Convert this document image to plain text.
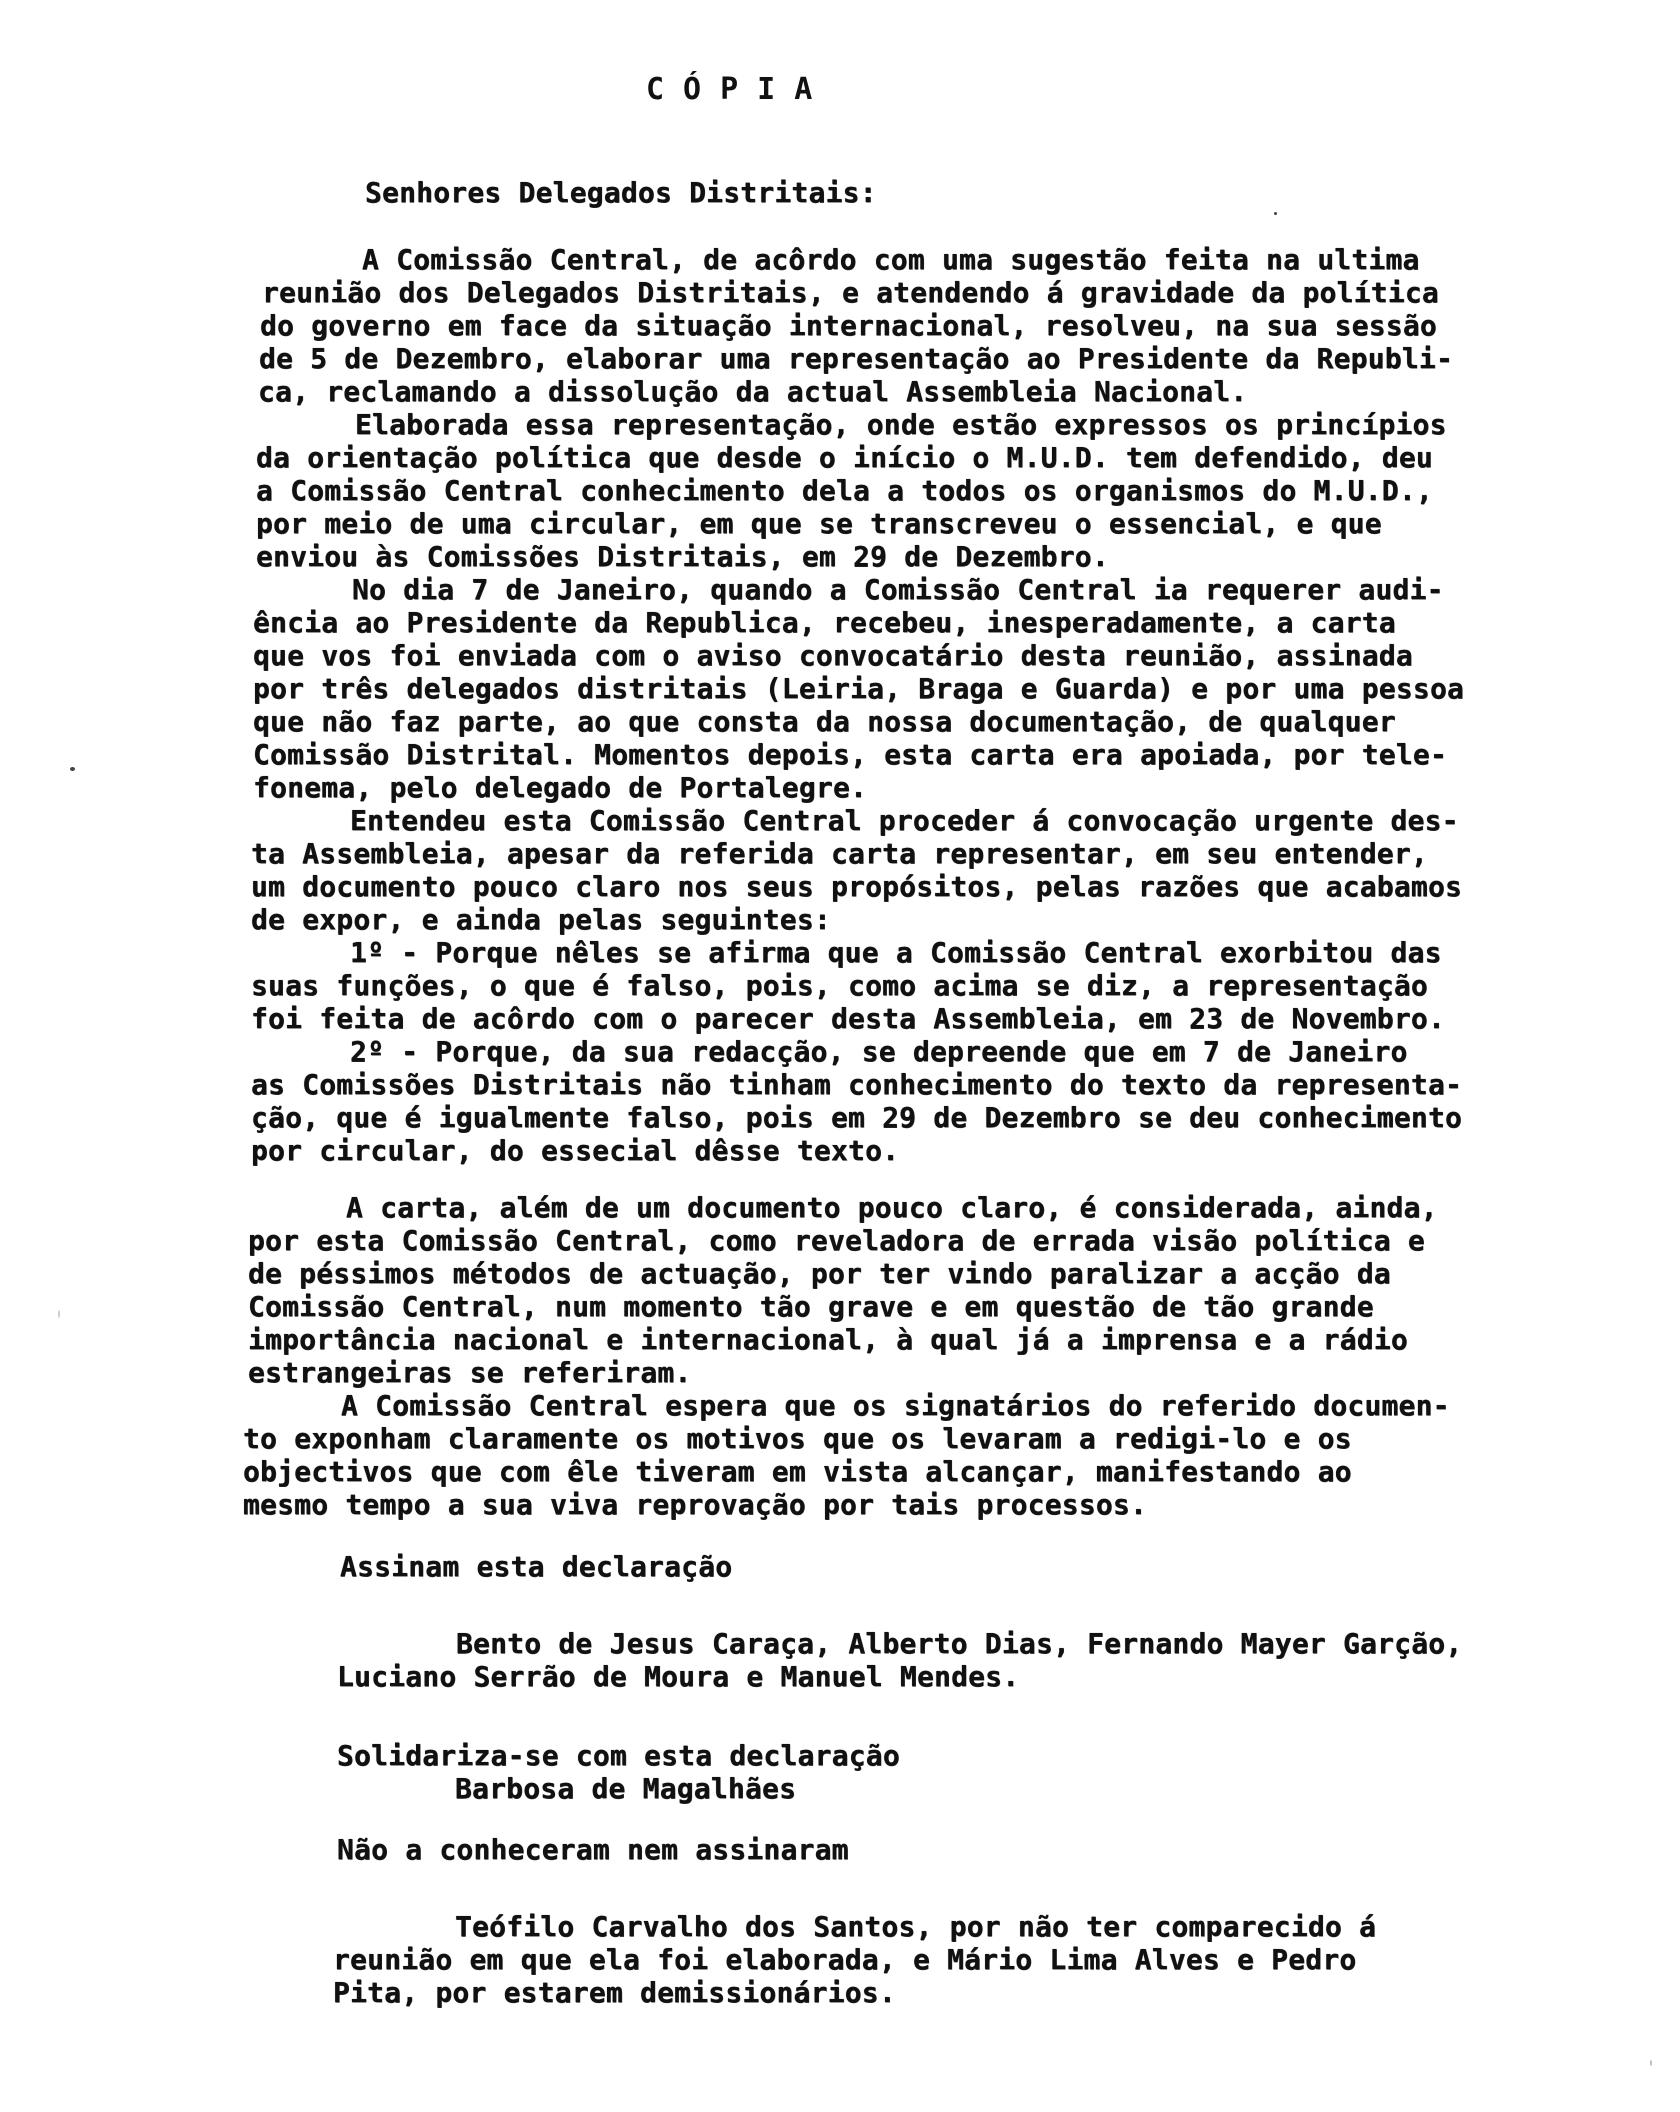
CÓPIA
Senhores Delegados Distritais:
A Comissão Central, de acôrdo com uma sugestão feita na ultima
reunião dos Delegados Distritais, e atendendo á gravidade da política
do governo em face da situação internacional, resolveu, na sua sessão
de 5 de Dezembro, elaborar uma representação ao Presidente da Republi-
ca, reclamando a dissolução da actual Assembleia Nacional.
Elaborada essa representação, onde estão expressos os princípios
da orientação política que desde o início o M.U.D. tem defendido, deu
a Comissão Central conhecimento dela a todos os organismos do M.U.D.,
por meio de uma circular, em que se transcreveu o essencial, e que
enviou às Comissões Distritais, em 29 de Dezembro.
No dia 7 de Janeiro, quando a Comissão Central ia requerer audi-
ência ao Presidente da Republica, recebeu, inesperadamente, a carta
que vos foi enviada com o aviso convocatário desta reunião, assinada
por três delegados distritais (Leiria, Braga e Guarda) e por uma pessoa
que não faz parte, ao que consta da nossa documentação, de qualquer
Comissão Distrital. Momentos depois, esta carta era apoiada, por tele-
fonema, pelo delegado de Portalegre.
Entendeu esta Comissão Central proceder á convocação urgente des-
ta Assembleia, apesar da referida carta representar, em seu entender,
um documento pouco claro nos seus propósitos, pelas razões que acabamos
de expor, e ainda pelas seguintes:
1º - Porque nêles se afirma que a Comissão Central exorbitou das
suas funções, o que é falso, pois, como acima se diz, a representação
foi feita de acôrdo com o parecer desta Assembleia, em 23 de Novembro.
2º - Porque, da sua redacção, se depreende que em 7 de Janeiro
as Comissões Distritais não tinham conhecimento do texto da representa-
ção, que é igualmente falso, pois em 29 de Dezembro se deu conhecimento
por circular, do essecial dêsse texto.
A carta, além de um documento pouco claro, é considerada, ainda,
por esta Comissão Central, como reveladora de errada visão política e
de péssimos métodos de actuação, por ter vindo paralizar a acção da
Comissão Central, num momento tão grave e em questão de tão grande
importância nacional e internacional, à qual já a imprensa e a rádio
estrangeiras se referiram.
A Comissão Central espera que os signatários do referido documen-
to exponham claramente os motivos que os levaram a redigi-lo e os
objectivos que com êle tiveram em vista alcançar, manifestando ao
mesmo tempo a sua viva reprovação por tais processos.
Assinam esta declaração
Bento de Jesus Caraça, Alberto Dias, Fernando Mayer Garção,
Luciano Serrão de Moura e Manuel Mendes.
Solidariza-se com esta declaração
Barbosa de Magalhães
Não a conheceram nem assinaram
Teófilo Carvalho dos Santos, por não ter comparecido á
reunião em que ela foi elaborada, e Mário Lima Alves e Pedro
Pita, por estarem demissionários.
